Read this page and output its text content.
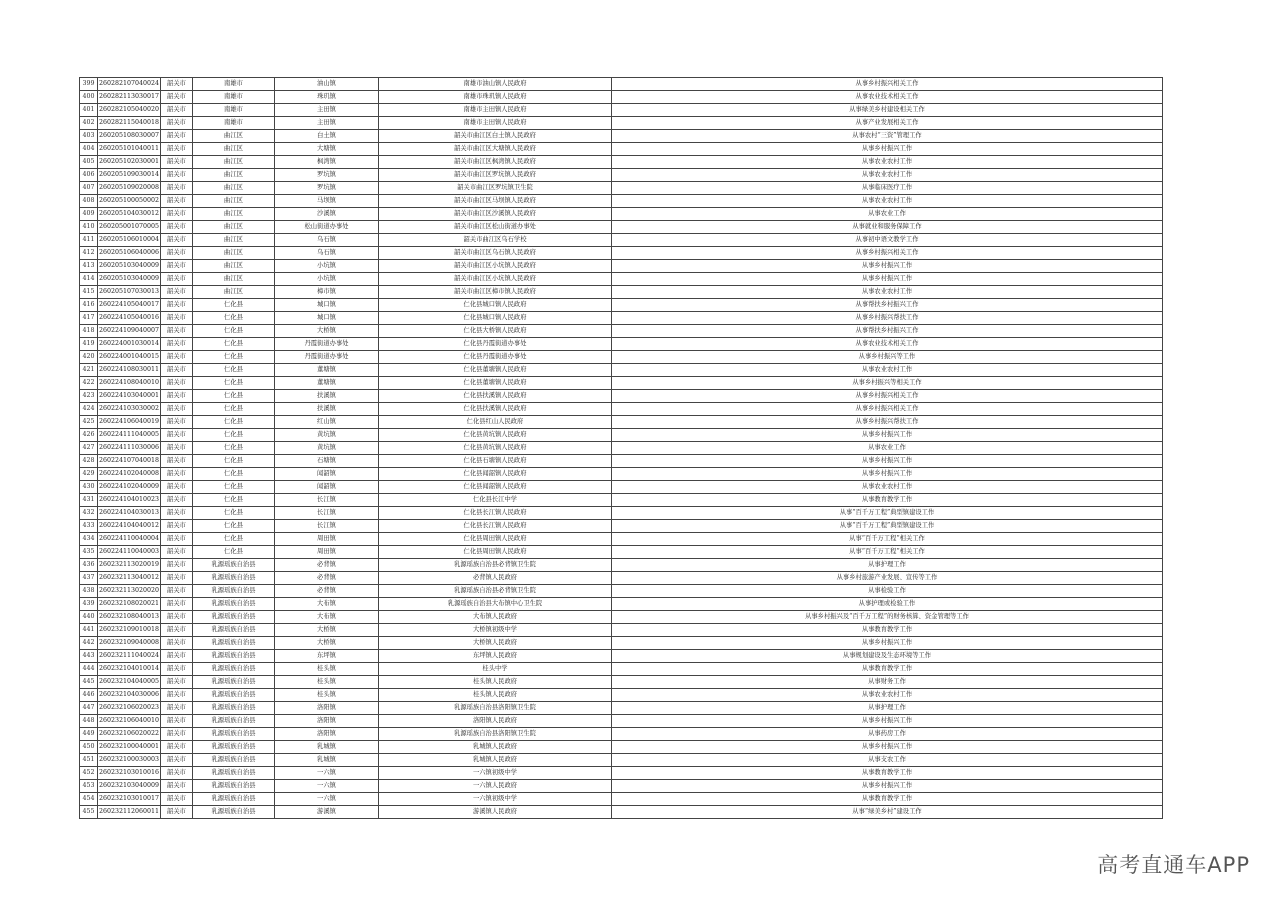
399	260282107040024	韶关市	南雄市	油山镇	南雄市油山镇人民政府	从事乡村振兴相关工作
400	260282113030017	韶关市	南雄市	珠玑镇	南雄市珠玑镇人民政府	从事农业技术相关工作
401	260282105040020	韶关市	南雄市	主田镇	南雄市主田镇人民政府	从事绿美乡村建设相关工作
402	260282115040018	韶关市	南雄市	主田镇	南雄市主田镇人民政府	从事产业发展相关工作
403	260205108030007	韶关市	曲江区	白土镇	韶关市曲江区白土镇人民政府	从事农村“三资”管理工作
404	260205101040011	韶关市	曲江区	大塘镇	韶关市曲江区大塘镇人民政府	从事乡村振兴工作
405	260205102030001	韶关市	曲江区	枫湾镇	韶关市曲江区枫湾镇人民政府	从事农业农村工作
406	260205109030014	韶关市	曲江区	罗坑镇	韶关市曲江区罗坑镇人民政府	从事农业农村工作
407	260205109020008	韶关市	曲江区	罗坑镇	韶关市曲江区罗坑镇卫生院	从事临床医疗工作
408	260205100050002	韶关市	曲江区	马坝镇	韶关市曲江区马坝镇人民政府	从事农业农村工作
409	260205104030012	韶关市	曲江区	沙溪镇	韶关市曲江区沙溪镇人民政府	从事农业工作
410	260205001070005	韶关市	曲江区	松山街道办事处	韶关市曲江区松山街道办事处	从事就业和服务保障工作
411	260205106010004	韶关市	曲江区	乌石镇	韶关市曲江区乌石学校	从事初中语文教学工作
412	260205106040006	韶关市	曲江区	乌石镇	韶关市曲江区乌石镇人民政府	从事乡村振兴相关工作
413	260205103040009	韶关市	曲江区	小坑镇	韶关市曲江区小坑镇人民政府	从事乡村振兴工作
414	260205103040009	韶关市	曲江区	小坑镇	韶关市曲江区小坑镇人民政府	从事乡村振兴工作
415	260205107030013	韶关市	曲江区	樟市镇	韶关市曲江区樟市镇人民政府	从事农业农村工作
416	260224105040017	韶关市	仁化县	城口镇	仁化县城口镇人民政府	从事帮扶乡村振兴工作
417	260224105040016	韶关市	仁化县	城口镇	仁化县城口镇人民政府	从事乡村振兴帮扶工作
418	260224109040007	韶关市	仁化县	大桥镇	仁化县大桥镇人民政府	从事帮扶乡村振兴工作
419	260224001030014	韶关市	仁化县	丹霞街道办事处	仁化县丹霞街道办事处	从事农业技术相关工作
420	260224001040015	韶关市	仁化县	丹霞街道办事处	仁化县丹霞街道办事处	从事乡村振兴等工作
421	260224108030011	韶关市	仁化县	董塘镇	仁化县董塘镇人民政府	从事农业农村工作
422	260224108040010	韶关市	仁化县	董塘镇	仁化县董塘镇人民政府	从事乡村振兴等相关工作
423	260224103040001	韶关市	仁化县	扶溪镇	仁化县扶溪镇人民政府	从事乡村振兴相关工作
424	260224103030002	韶关市	仁化县	扶溪镇	仁化县扶溪镇人民政府	从事乡村振兴相关工作
425	260224106040019	韶关市	仁化县	红山镇	仁化县红山人民政府	从事乡村振兴帮扶工作
426	260224111040005	韶关市	仁化县	黄坑镇	仁化县黄坑镇人民政府	从事乡村振兴工作
427	260224111030006	韶关市	仁化县	黄坑镇	仁化县黄坑镇人民政府	从事农业工作
428	260224107040018	韶关市	仁化县	石塘镇	仁化县石塘镇人民政府	从事乡村振兴工作
429	260224102040008	韶关市	仁化县	闻韶镇	仁化县闻韶镇人民政府	从事乡村振兴工作
430	260224102040009	韶关市	仁化县	闻韶镇	仁化县闻韶镇人民政府	从事农业农村工作
431	260224104010023	韶关市	仁化县	长江镇	仁化县长江中学	从事教育教学工作
432	260224104030013	韶关市	仁化县	长江镇	仁化县长江镇人民政府	从事“百千万工程”典型镇建设工作
433	260224104040012	韶关市	仁化县	长江镇	仁化县长江镇人民政府	从事“百千万工程”典型镇建设工作
434	260224110040004	韶关市	仁化县	周田镇	仁化县周田镇人民政府	从事“百千万工程”相关工作
435	260224110040003	韶关市	仁化县	周田镇	仁化县周田镇人民政府	从事“百千万工程”相关工作
436	260232113020019	韶关市	乳源瑶族自治县	必背镇	乳源瑶族自治县必背镇卫生院	从事护理工作
437	260232113040012	韶关市	乳源瑶族自治县	必背镇	必背镇人民政府	从事乡村旅游产业发展、宣传等工作
438	260232113020020	韶关市	乳源瑶族自治县	必背镇	乳源瑶族自治县必背镇卫生院	从事检验工作
439	260232108020021	韶关市	乳源瑶族自治县	大布镇	乳源瑶族自治县大布镇中心卫生院	从事护理或检验工作
440	260232108040013	韶关市	乳源瑶族自治县	大布镇	大布镇人民政府	从事乡村振兴及“百千万工程”的财务核算、资金管理等工作
441	260232109010018	韶关市	乳源瑶族自治县	大桥镇	大桥镇初级中学	从事教育教学工作
442	260232109040008	韶关市	乳源瑶族自治县	大桥镇	大桥镇人民政府	从事乡村振兴工作
443	260232111040024	韶关市	乳源瑶族自治县	东坪镇	东坪镇人民政府	从事规划建设及生态环境等工作
444	260232104010014	韶关市	乳源瑶族自治县	桂头镇	桂头中学	从事教育教学工作
445	260232104040005	韶关市	乳源瑶族自治县	桂头镇	桂头镇人民政府	从事财务工作
446	260232104030006	韶关市	乳源瑶族自治县	桂头镇	桂头镇人民政府	从事农业农村工作
447	260232106020023	韶关市	乳源瑶族自治县	洛阳镇	乳源瑶族自治县洛阳镇卫生院	从事护理工作
448	260232106040010	韶关市	乳源瑶族自治县	洛阳镇	洛阳镇人民政府	从事乡村振兴工作
449	260232106020022	韶关市	乳源瑶族自治县	洛阳镇	乳源瑶族自治县洛阳镇卫生院	从事药房工作
450	260232100040001	韶关市	乳源瑶族自治县	乳城镇	乳城镇人民政府	从事乡村振兴工作
451	260232100030003	韶关市	乳源瑶族自治县	乳城镇	乳城镇人民政府	从事支农工作
452	260232103010016	韶关市	乳源瑶族自治县	一六镇	一六镇初级中学	从事教育教学工作
453	260232103040009	韶关市	乳源瑶族自治县	一六镇	一六镇人民政府	从事乡村振兴工作
454	260232103010017	韶关市	乳源瑶族自治县	一六镇	一六镇初级中学	从事教育教学工作
455	260232112060011	韶关市	乳源瑶族自治县	游溪镇	游溪镇人民政府	从事“绿美乡村”建设工作
高考直通车APP
